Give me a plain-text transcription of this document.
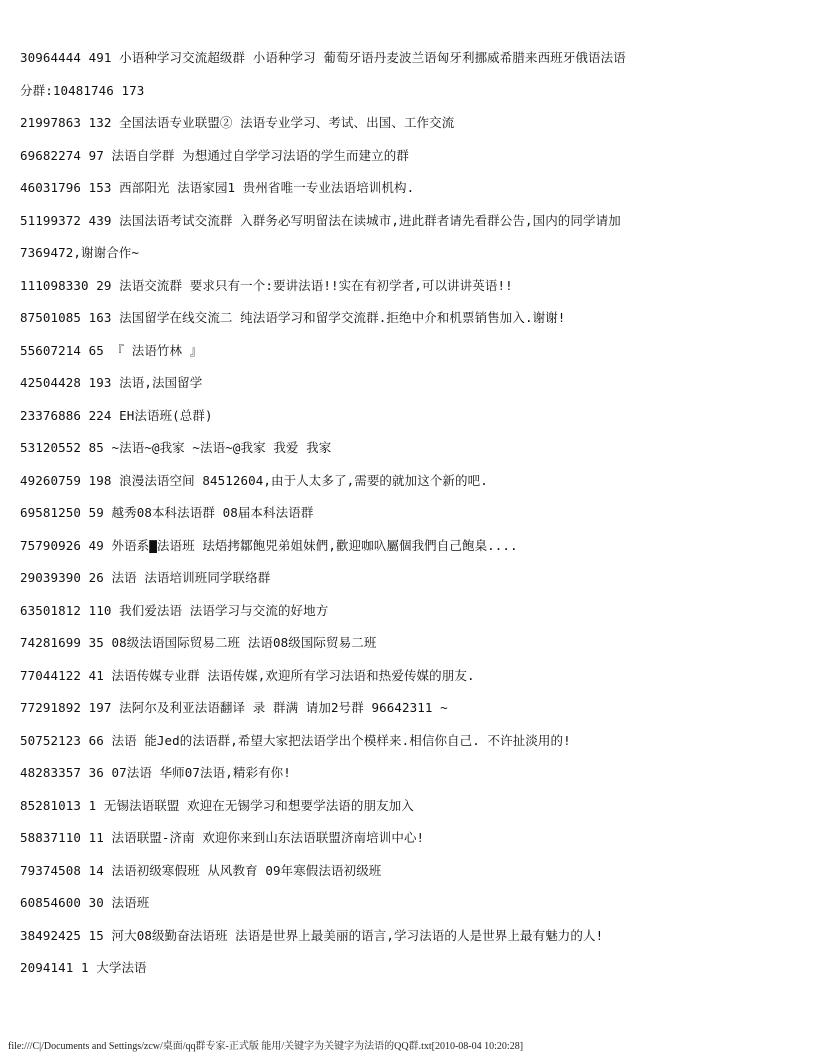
30964444 491 小语种学习交流超级群 小语种学习 葡萄牙语丹麦波兰语匈牙利挪威希腊来西班牙俄语法语
分群:10481746 173
21997863 132 全国法语专业联盟② 法语专业学习、考试、出国、工作交流
69682274 97 法语自学群 为想通过自学学习法语的学生而建立的群
46031796 153 西部阳光 法语家园1 贵州省唯一专业法语培训机构.
51199372 439 法国法语考试交流群 入群务必写明留法在读城市,进此群者请先看群公告,国内的同学请加
7369472,谢谢合作~
111098330 29 法语交流群 要求只有一个:要讲法语!!实在有初学者,可以讲讲英语!!
87501085 163 法国留学在线交流二 纯法语学习和留学交流群.拒绝中介和机票销售加入.谢谢!
55607214 65 『 法语竹林 』
42504428 193 法语,法国留学
23376886 224 EH法语班(总群)
53120552 85 ~法语~@我家 ~法语~@我家 我爱 我家
49260759 198 浪漫法语空间 84512604,由于人太多了,需要的就加这个新的吧.
69581250 59 越秀08本科法语群 08届本科法语群
75790926 49 外语系▇法语班 珐焐拷鄒飽兕弟姐妹們,歡迎咖叺屬個我們自己飽臬....
29039390 26 法语 法语培训班同学联络群
63501812 110 我们爱法语 法语学习与交流的好地方
74281699 35 08级法语国际贸易二班 法语08级国际贸易二班
77044122 41 法语传媒专业群 法语传媒,欢迎所有学习法语和热爱传媒的朋友.
77291892 197 法阿尔及利亚法语翻译 录 群满 请加2号群 96642311 ~
50752123 66 法语 能Jed的法语群,希望大家把法语学出个模样来.相信你自己. 不许扯淡用的!
48283357 36 07法语 华师07法语,精彩有你!
85281013 1 无锡法语联盟 欢迎在无锡学习和想要学法语的朋友加入
58837110 11 法语联盟-济南 欢迎你来到山东法语联盟济南培训中心!
79374508 14 法语初级寒假班 从风教育 09年寒假法语初级班
60854600 30 法语班
38492425 15 河大08级勤奋法语班 法语是世界上最美丽的语言,学习法语的人是世界上最有魅力的人!
2094141 1 大学法语
file:///C|/Documents and Settings/zcw/桌面/qq群专家-正式版 能用/关键字为关键字为法语的QQ群.txt[2010-08-04 10:20:28]
